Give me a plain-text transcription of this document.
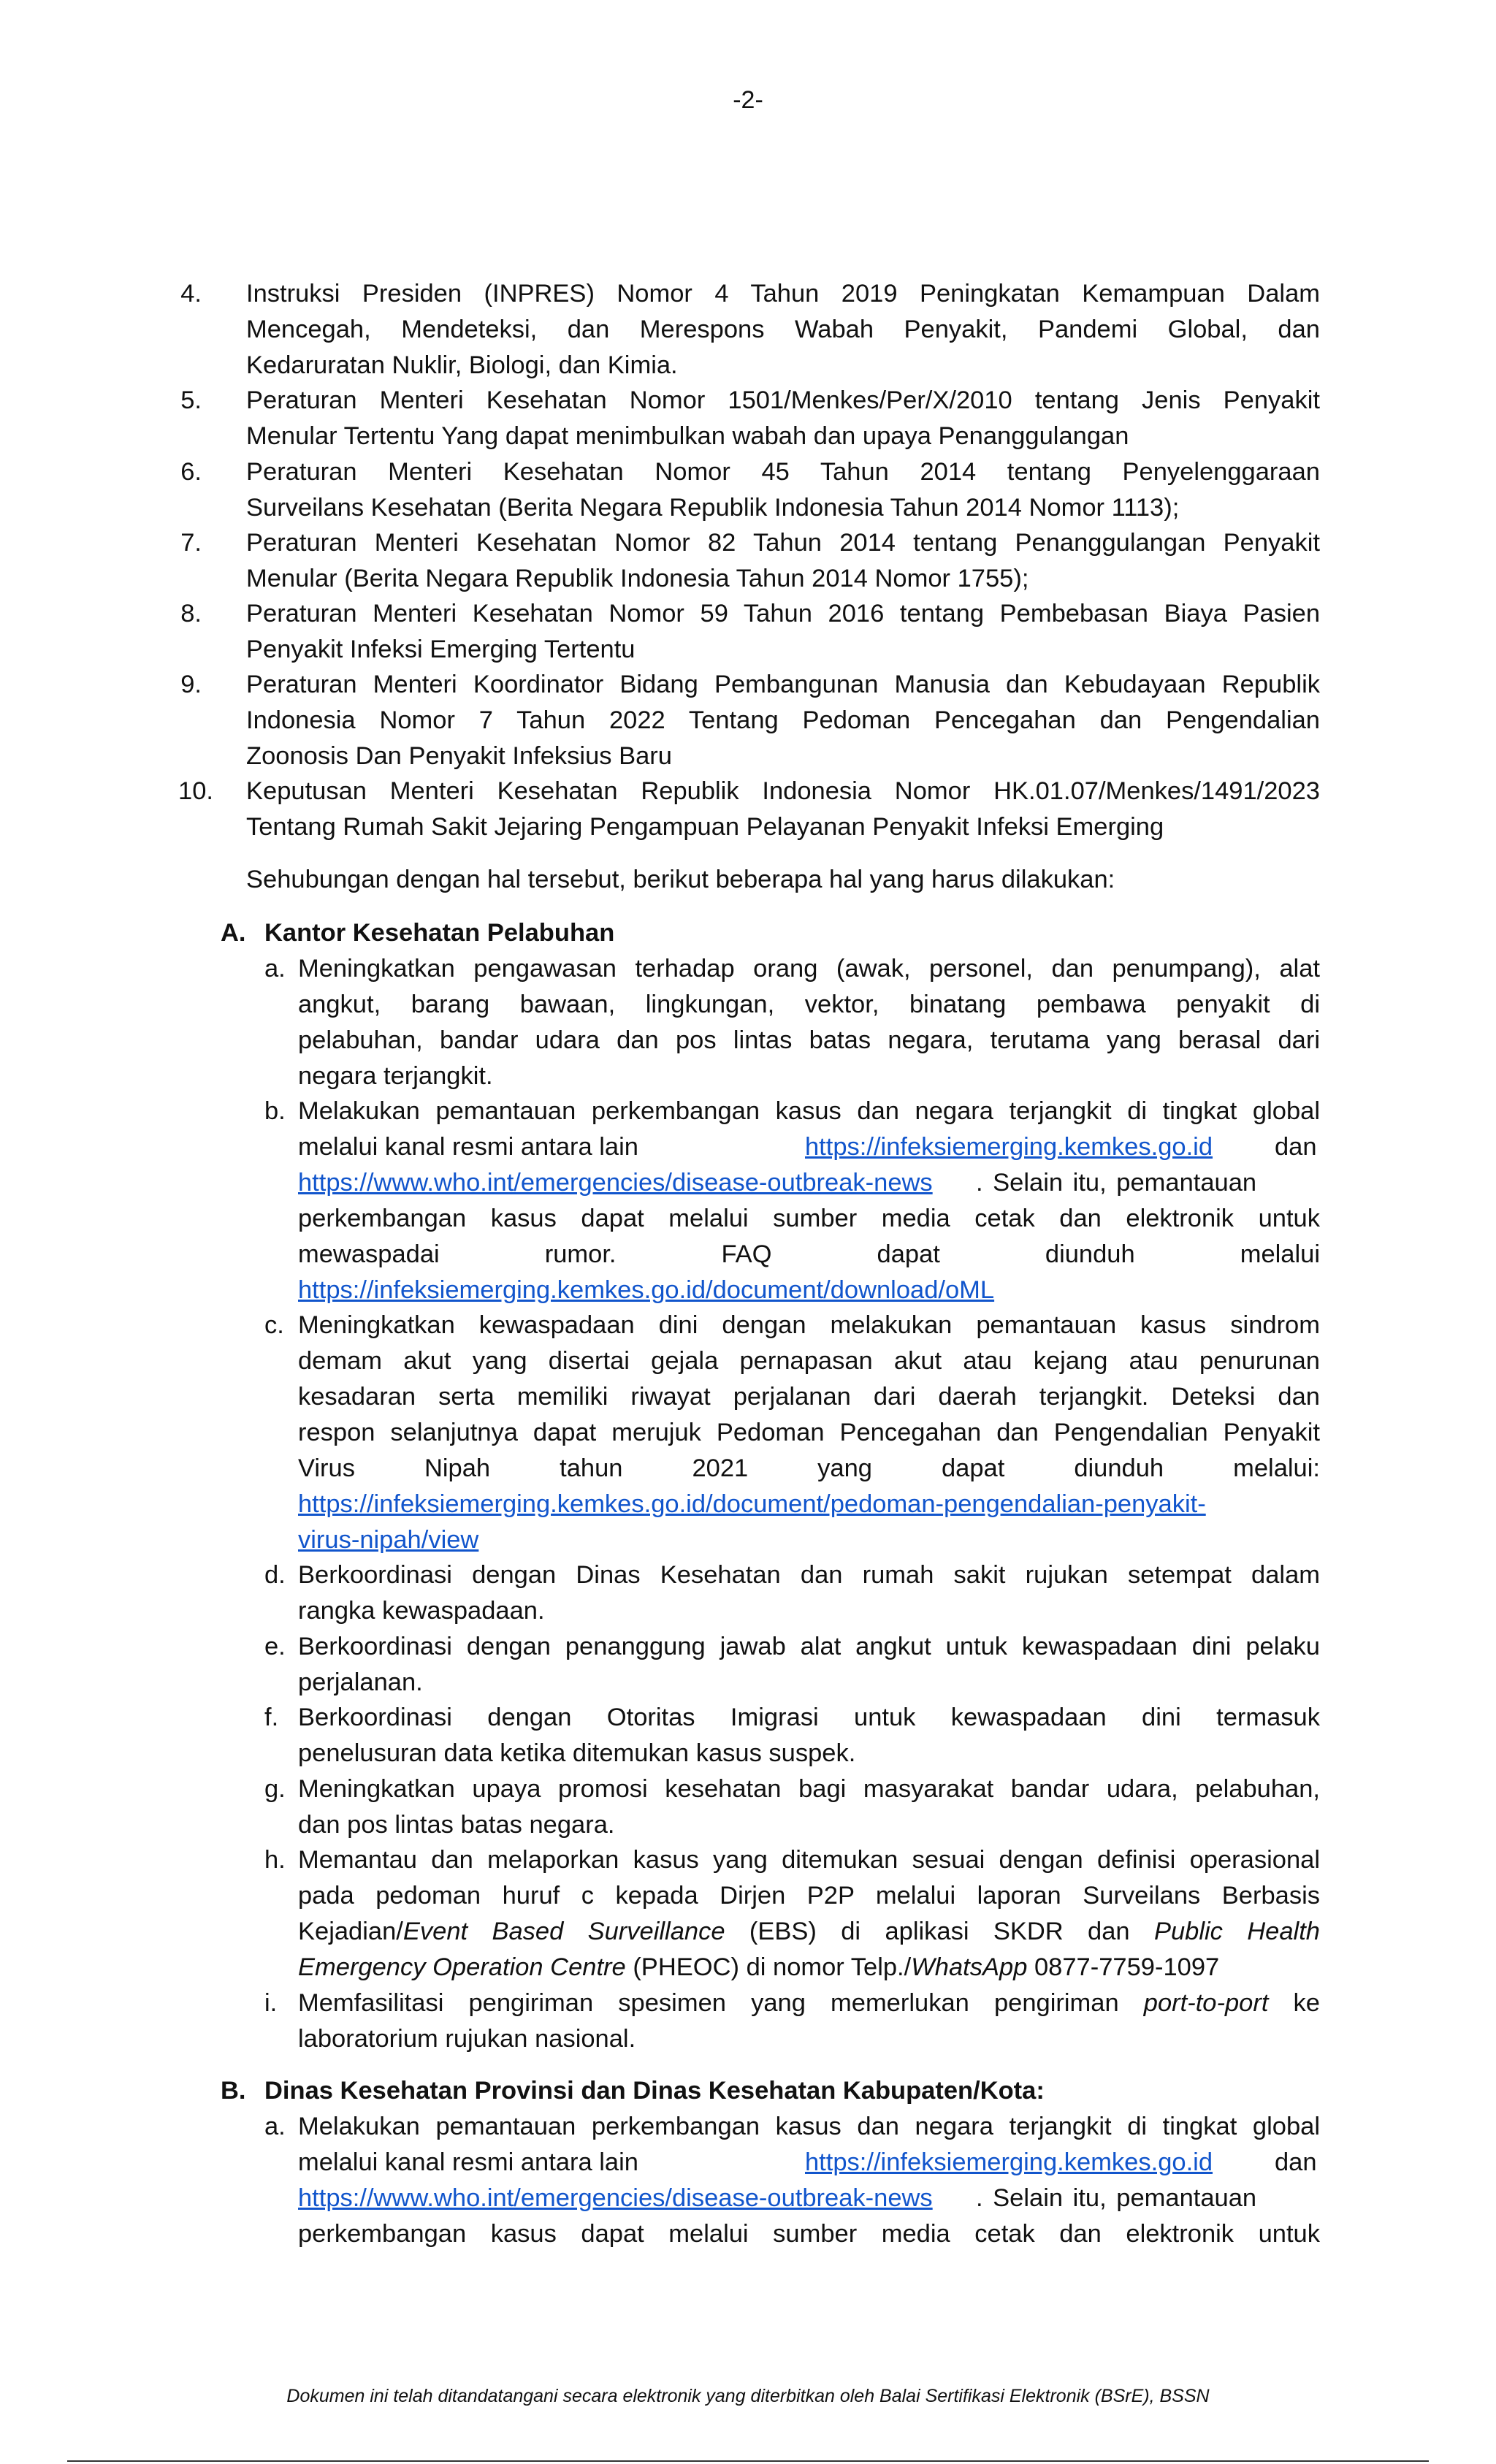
-2-
4. Instruksi Presiden (INPRES) Nomor 4 Tahun 2019 Peningkatan Kemampuan Dalam
Mencegah, Mendeteksi, dan Merespons Wabah Penyakit, Pandemi Global, dan
Kedaruratan Nuklir, Biologi, dan Kimia.
5. Peraturan Menteri Kesehatan Nomor 1501/Menkes/Per/X/2010 tentang Jenis Penyakit
Menular Tertentu Yang dapat menimbulkan wabah dan upaya Penanggulangan
6. Peraturan Menteri Kesehatan Nomor 45 Tahun 2014 tentang Penyelenggaraan
Surveilans Kesehatan (Berita Negara Republik Indonesia Tahun 2014 Nomor 1113);
7. Peraturan Menteri Kesehatan Nomor 82 Tahun 2014 tentang Penanggulangan Penyakit
Menular (Berita Negara Republik Indonesia Tahun 2014 Nomor 1755);
8. Peraturan Menteri Kesehatan Nomor 59 Tahun 2016 tentang Pembebasan Biaya Pasien
Penyakit Infeksi Emerging Tertentu
9. Peraturan Menteri Koordinator Bidang Pembangunan Manusia dan Kebudayaan Republik
Indonesia Nomor 7 Tahun 2022 Tentang Pedoman Pencegahan dan Pengendalian
Zoonosis Dan Penyakit Infeksius Baru
10. Keputusan Menteri Kesehatan Republik Indonesia Nomor HK.01.07/Menkes/1491/2023
Tentang Rumah Sakit Jejaring Pengampuan Pelayanan Penyakit Infeksi Emerging
Sehubungan dengan hal tersebut, berikut beberapa hal yang harus dilakukan:
A. Kantor Kesehatan Pelabuhan
a. Meningkatkan pengawasan terhadap orang (awak, personel, dan penumpang), alat
angkut, barang bawaan, lingkungan, vektor, binatang pembawa penyakit di
pelabuhan, bandar udara dan pos lintas batas negara, terutama yang berasal dari
negara terjangkit.
b. Melakukan pemantauan perkembangan kasus dan negara terjangkit di tingkat global
melalui kanal resmi antara lain	https://infeksiemerging.kemkes.go.id dan
https://www.who.int/emergencies/disease-outbreak-news . Selain itu, pemantauan
perkembangan kasus dapat melalui sumber media cetak dan elektronik untuk
mewaspadai rumor. FAQ dapat diunduh melalui
https://infeksiemerging.kemkes.go.id/document/download/oML
c. Meningkatkan kewaspadaan dini dengan melakukan pemantauan kasus sindrom
demam akut yang disertai gejala pernapasan akut atau kejang atau penurunan
kesadaran serta memiliki riwayat perjalanan dari daerah terjangkit. Deteksi dan
respon selanjutnya dapat merujuk Pedoman Pencegahan dan Pengendalian Penyakit
Virus Nipah tahun 2021 yang dapat diunduh melalui:
https://infeksiemerging.kemkes.go.id/document/pedoman-pengendalian-penyakit-
virus-nipah/view
d. Berkoordinasi dengan Dinas Kesehatan dan rumah sakit rujukan setempat dalam
rangka kewaspadaan.
e. Berkoordinasi dengan penanggung jawab alat angkut untuk kewaspadaan dini pelaku
perjalanan.
f. Berkoordinasi dengan Otoritas Imigrasi untuk kewaspadaan dini termasuk
penelusuran data ketika ditemukan kasus suspek.
g. Meningkatkan upaya promosi kesehatan bagi masyarakat bandar udara, pelabuhan,
dan pos lintas batas negara.
h. Memantau dan melaporkan kasus yang ditemukan sesuai dengan definisi operasional
pada pedoman huruf c kepada Dirjen P2P melalui laporan Surveilans Berbasis
Kejadian/Event Based Surveillance (EBS) di aplikasi SKDR dan Public Health
Emergency Operation Centre (PHEOC) di nomor Telp./WhatsApp 0877-7759-1097
i. Memfasilitasi pengiriman spesimen yang memerlukan pengiriman port-to-port ke
laboratorium rujukan nasional.
B. Dinas Kesehatan Provinsi dan Dinas Kesehatan Kabupaten/Kota:
a. Melakukan pemantauan perkembangan kasus dan negara terjangkit di tingkat global
melalui kanal resmi antara lain	https://infeksiemerging.kemkes.go.id dan
https://www.who.int/emergencies/disease-outbreak-news . Selain itu, pemantauan
perkembangan kasus dapat melalui sumber media cetak dan elektronik untuk
Dokumen ini telah ditandatangani secara elektronik yang diterbitkan oleh Balai Sertifikasi Elektronik (BSrE), BSSN
